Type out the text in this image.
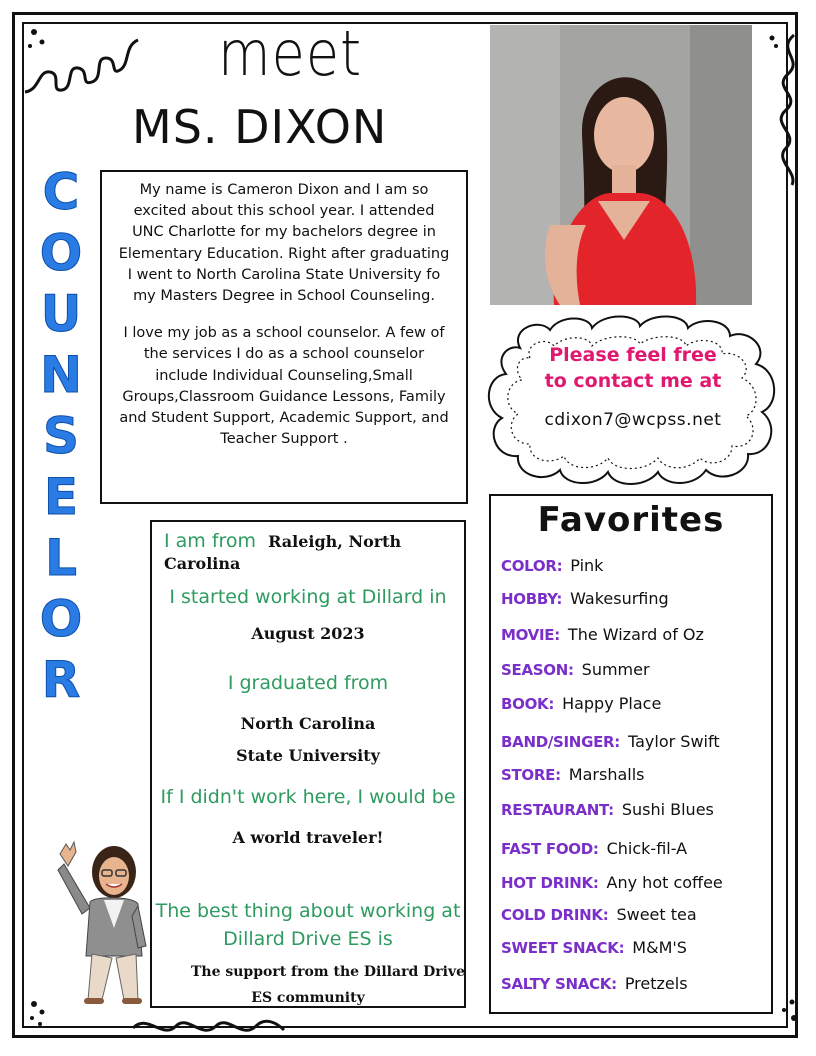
meet
MS. DIXON
C
O
U
N
S
E
L
O
R

My name is Cameron Dixon and I am so excited about this school year. I attended UNC Charlotte for my bachelors degree in Elementary Education. Right after graduating I went to North Carolina State University fo my Masters Degree in School Counseling.

I love my job as a school counselor. A few of the services I do as a school counselor include Individual Counseling,Small Groups,Classroom Guidance Lessons, Family and Student Support, Academic Support, and Teacher Support .

Please feel free
to contact me at
cdixon7@wcpss.net
I am from Raleigh, North Carolina
I started working at Dillard in
August 2023
I graduated from
North Carolina
State University
If I didn't work here, I would be
A world traveler!
The best thing about working at
Dillard Drive ES is
The support from the Dillard Drive
ES community
Favorites
COLOR: Pink
HOBBY: Wakesurfing
MOVIE: The Wizard of Oz
SEASON: Summer
BOOK: Happy Place
BAND/SINGER: Taylor Swift
STORE: Marshalls
RESTAURANT: Sushi Blues
FAST FOOD: Chick-fil-A
HOT DRINK: Any hot coffee
COLD DRINK: Sweet tea
SWEET SNACK: M&M'S
SALTY SNACK: Pretzels
